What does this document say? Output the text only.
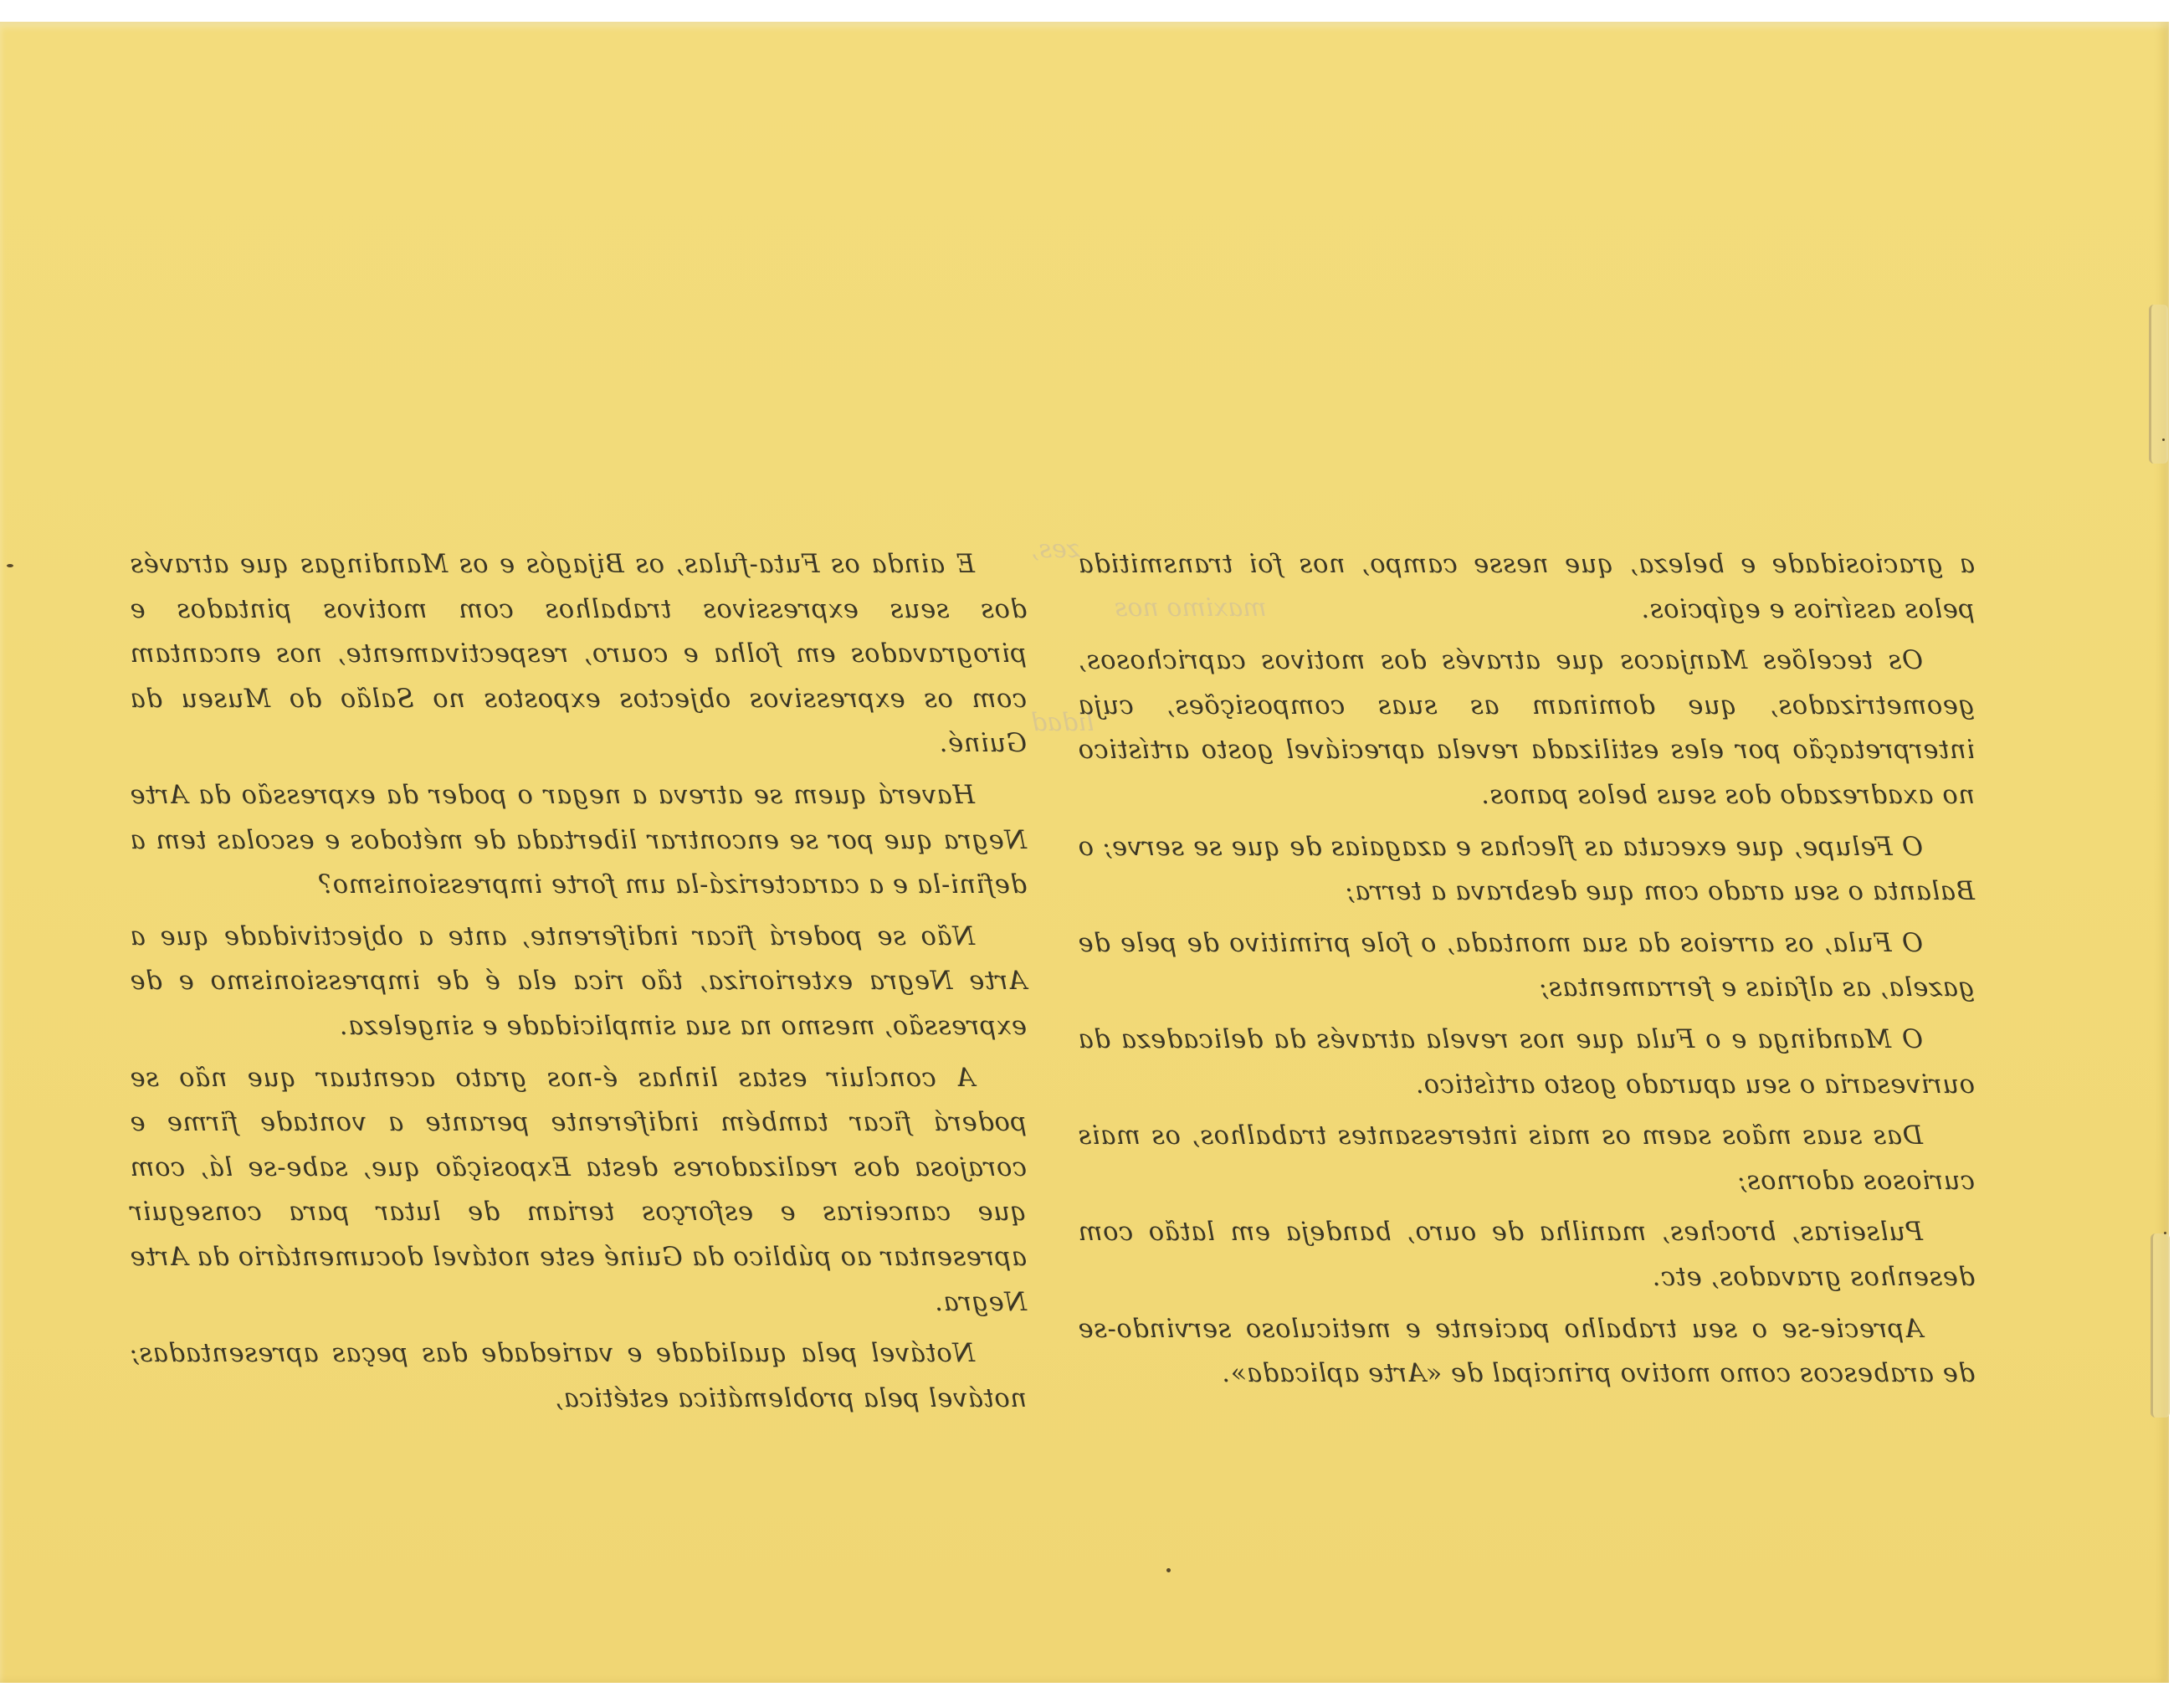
zes,
maximo nos
lidad

a graciosidade e beleza, que nesse campo, nos foi transmitida pelos assírios e egípcios.

Os tecelões Manjacos que através dos motivos caprichosos, geometrizados, que dominam as suas composições, cuja interpretação por eles estilizada revela apreciável gosto artístico no axadrezado dos seus belos panos.

O Felupe, que executa as flechas e azagaias de que se serve; o Balanta o seu arado com que desbrava a terra;

O Fula, os arreios da sua montada, o fole primitivo de pele de gazela, as alfaias e ferramentas;

O Mandinga e o Fula que nos revela através da delicadeza da ourivesaria o seu apurado gosto artístico.

Das suas mãos saem os mais interessantes trabalhos, os mais curiosos adornos;

Pulseiras, broches, manilha de ouro, bandeja em latão com desenhos gravados, etc.

Aprecie-se o seu trabalho paciente e meticuloso servindo-se de arabescos como motivo principal de «Arte aplicada».

E ainda os Futa-fulas, os Bijagós e os Mandingas que através dos seus expressivos trabalhos com motivos pintados e pirogravados em folha e couro, respectivamente, nos encantam com os expressivos objectos expostos no Salão do Museu da Guiné.

Haverá quem se atreva a negar o poder da expressão da Arte Negra que por se encontrar libertada de métodos e escolas tem a defini-la e a caracterizá-la um forte impressionismo?

Não se poderá ficar indiferente, ante a objectividade que a Arte Negra exterioriza, tão rica ela é de impressionismo e de expressão, mesmo na sua simplicidade e singeleza.

A concluir estas linhas é-nos grato acentuar que não se poderá ficar também indiferente perante a vontade firme e corajosa dos realizadores desta Exposição que, sabe-se lá, com que canceiras e esforços teriam de lutar para conseguir apresentar ao público da Guiné este notável documentário da Arte Negra.

Notável pela qualidade e variedade das peças apresentadas; notável pela problemática estética,
